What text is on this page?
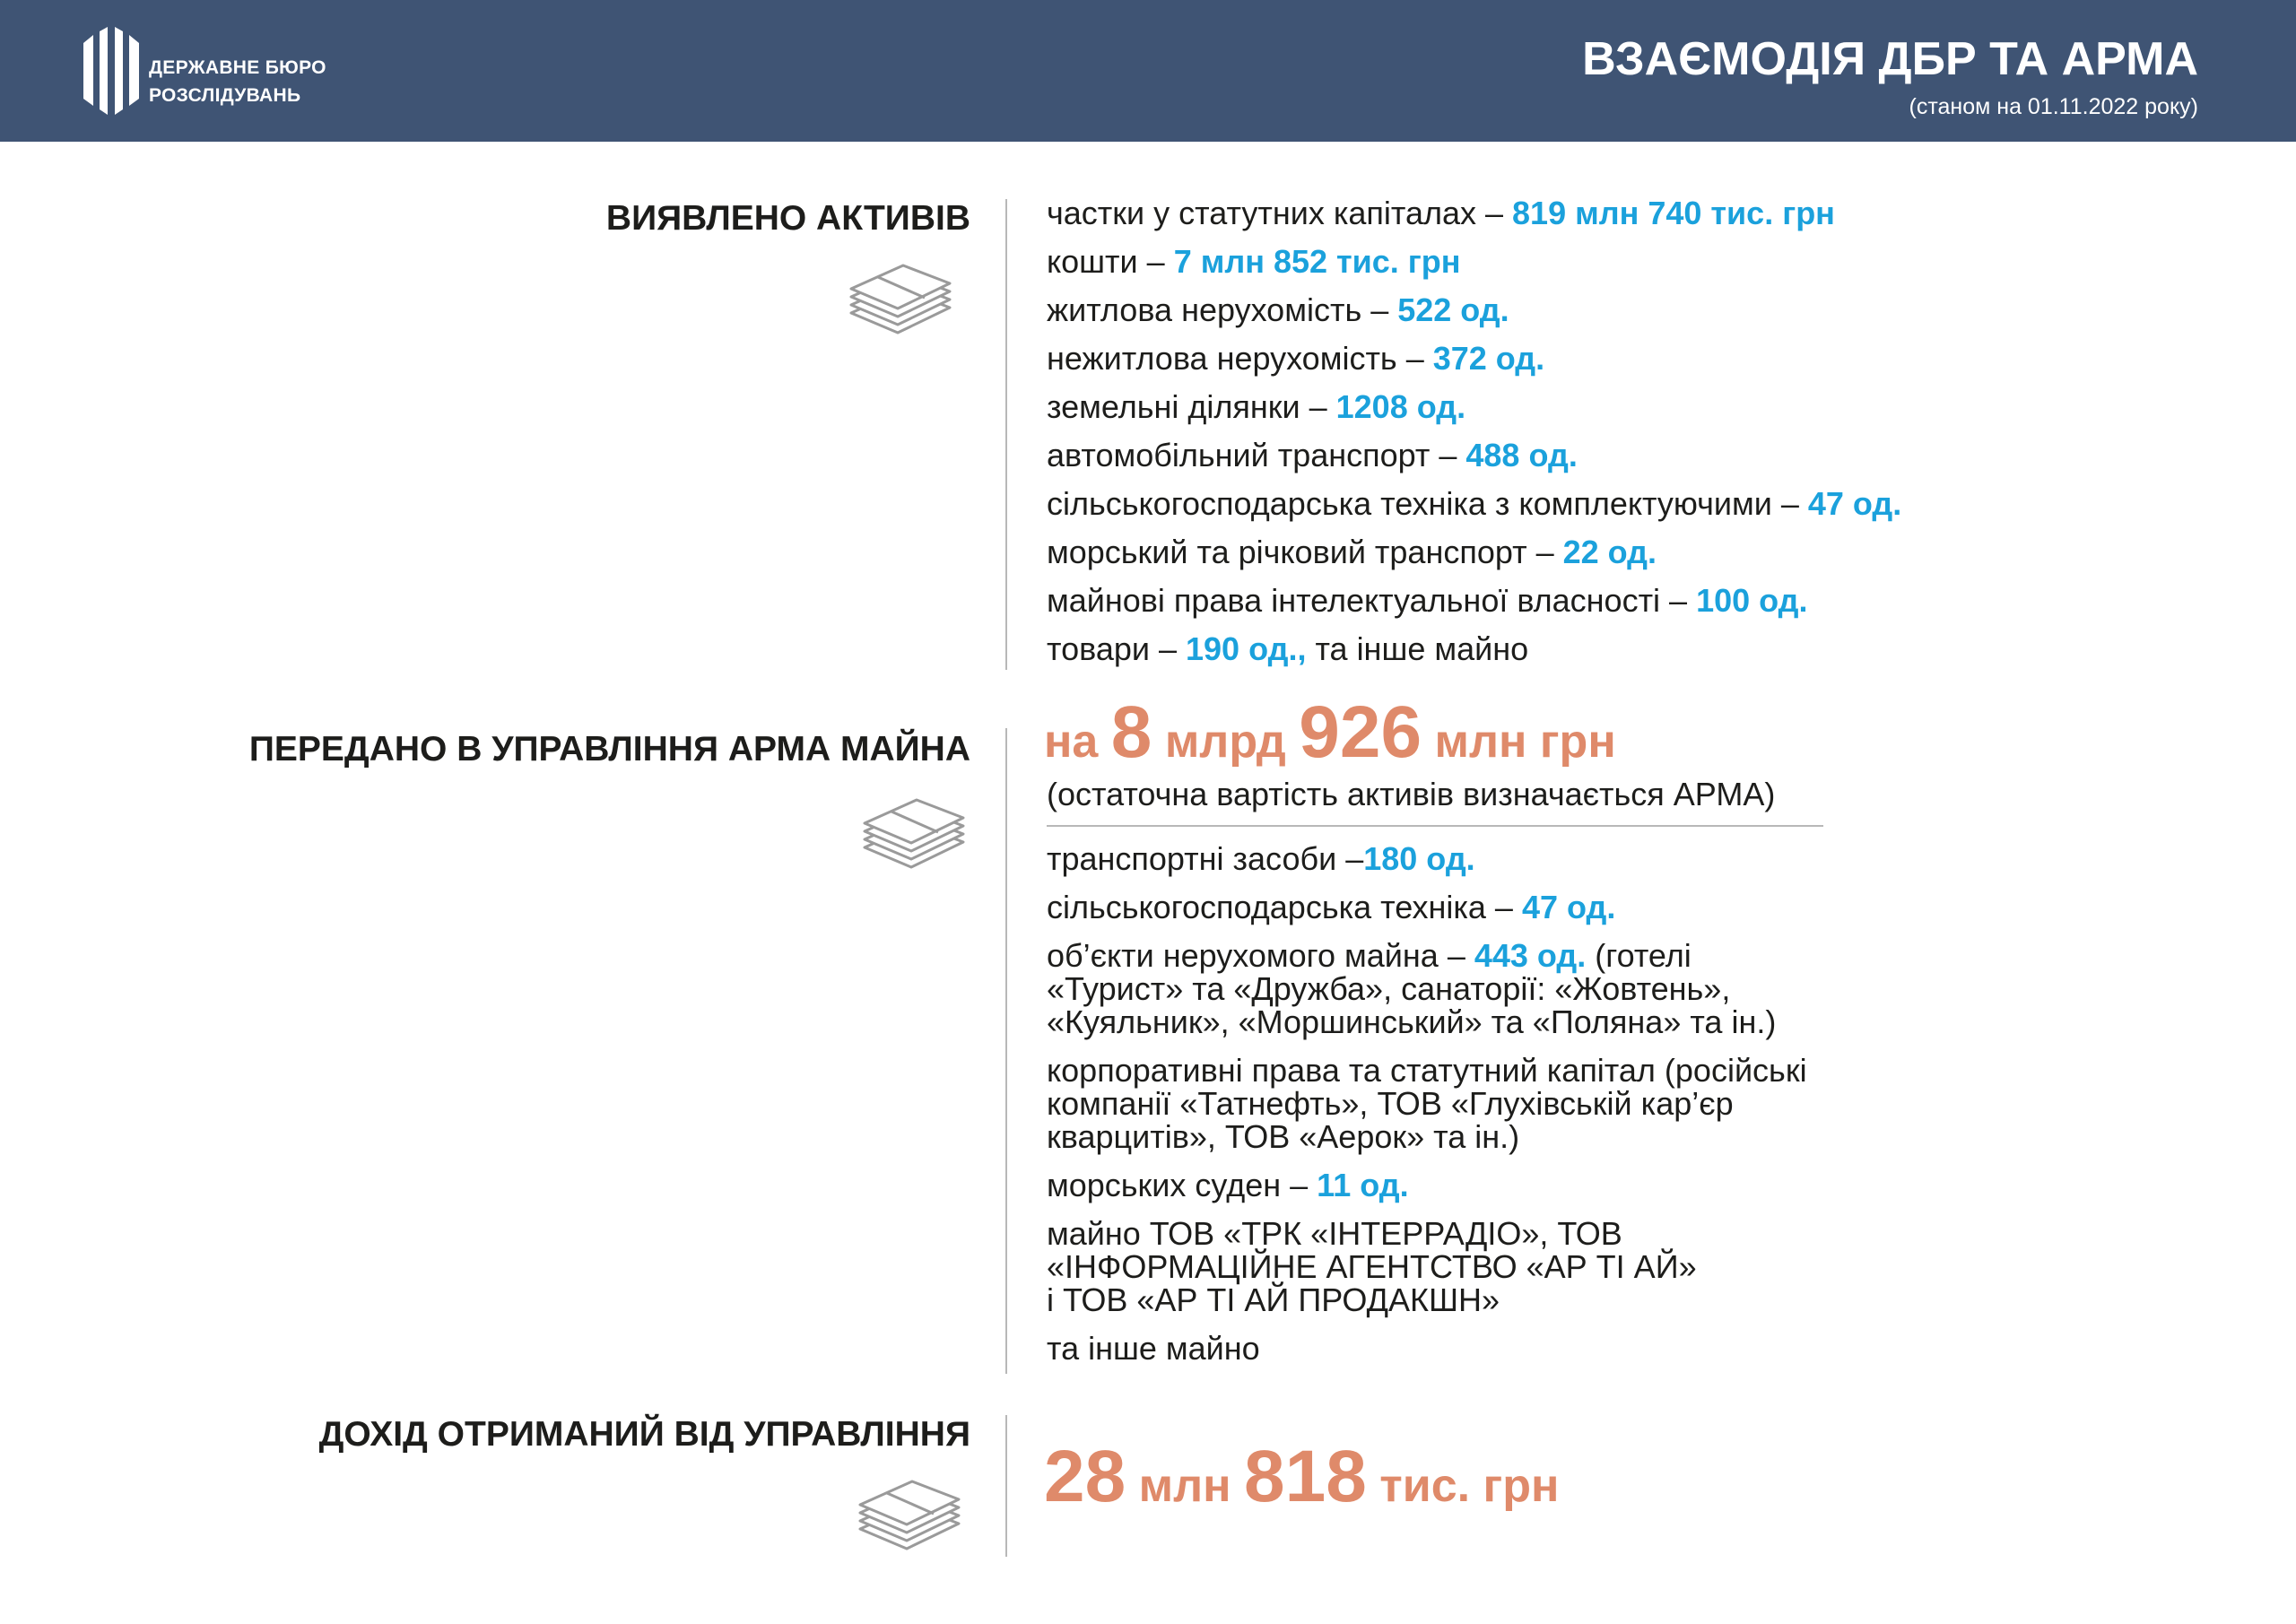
ДЕРЖАВНЕ БЮРО
РОЗСЛІДУВАНЬ
ВЗАЄМОДІЯ ДБР ТА АРМА
(станом на 01.11.2022 року)
ВИЯВЛЕНО АКТИВІВ частки у статутних капіталах – 819 млн 740 тис. грн
кошти – 7 млн 852 тис. грн
житлова нерухомість – 522 од.
нежитлова нерухомість – 372 од.
земельні ділянки – 1208 од.
автомобільний транспорт – 488 од.
сільськогосподарська техніка з комплектуючими – 47 од.
морський та річковий транспорт – 22 од.
майнові права інтелектуальної власності – 100 од.
товари – 190 од., та інше майно
ПЕРЕДАНО В УПРАВЛІННЯ АРМА МАЙНА на 8 млрд 926 млн грн
(остаточна вартість активів визначається АРМА)
транспортні засоби –180 од.
сільськогосподарська техніка – 47 од.
об’єкти нерухомого майна – 443 од. (готелі
«Турист» та «Дружба», санаторії: «Жовтень»,
«Куяльник», «Моршинський» та «Поляна» та ін.)
корпоративні права та статутний капітал (російські
компанії «Татнефть», ТОВ «Глухівській кар’єр
кварцитів», ТОВ «Аерок» та ін.)
морських суден – 11 од.
майно ТОВ «ТРК «ІНТЕРРАДІО», ТОВ
«ІНФОРМАЦІЙНЕ АГЕНТСТВО «АР ТІ АЙ»
і ТОВ «АР ТІ АЙ ПРОДАКШН»
та інше майно
ДОХІД ОТРИМАНИЙ ВІД УПРАВЛІННЯ
28 млн 818 тис. грн
